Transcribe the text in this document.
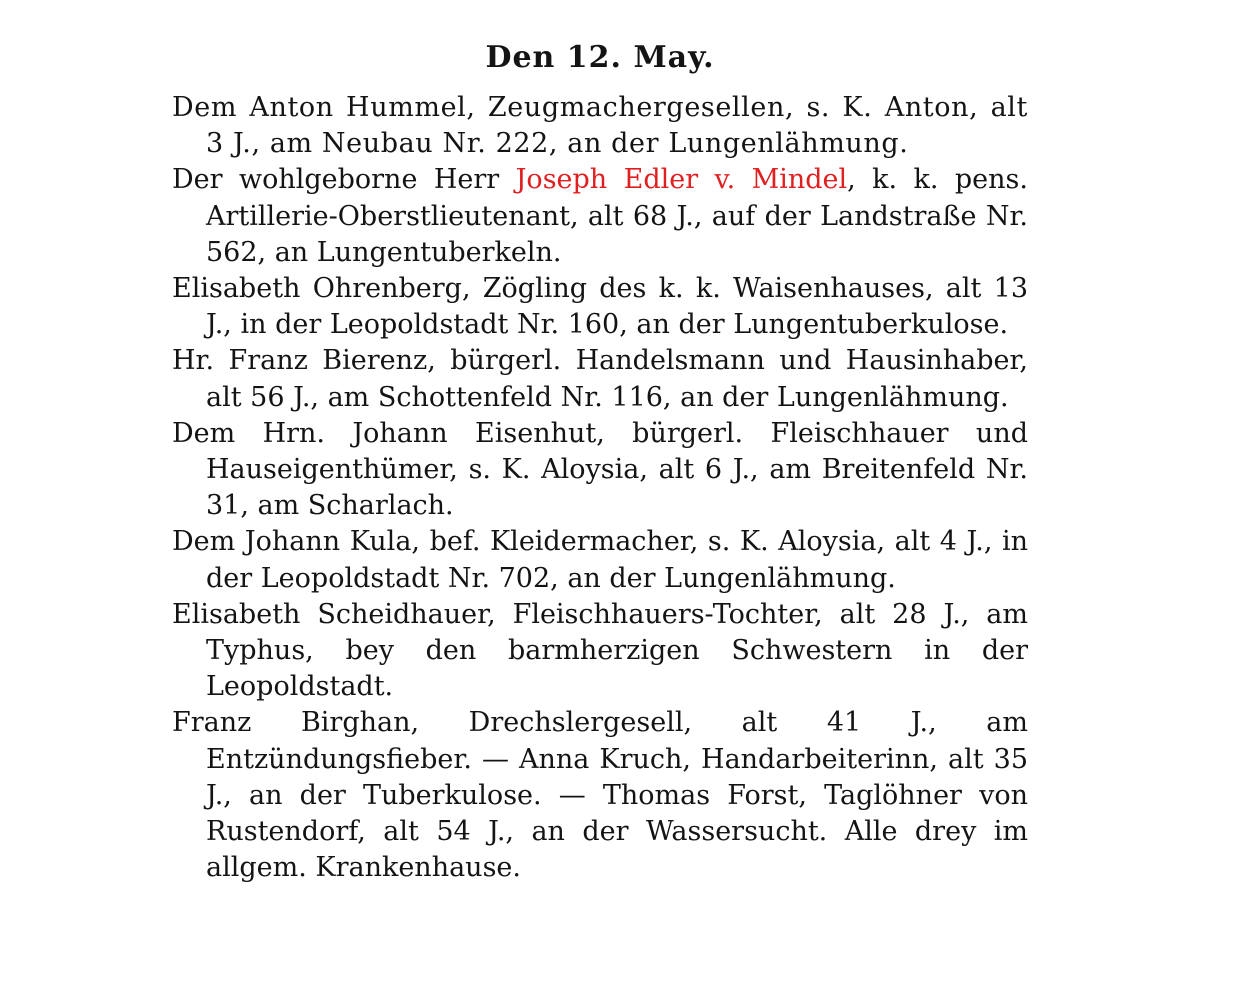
Den 12. May.

Dem Anton Hummel, Zeugmachergesellen, s. K. Anton, alt 3 J., am Neubau Nr. 222, an der Lungenlähmung.

Der wohlgeborne Herr Joseph Edler v. Mindel, k. k. pens. Artillerie-Oberstlieutenant, alt 68 J., auf der Landstraße Nr. 562, an Lungentuberkeln.

Elisabeth Ohrenberg, Zögling des k. k. Waisenhauses, alt 13 J., in der Leopoldstadt Nr. 160, an der Lungentuberkulose.

Hr. Franz Bierenz, bürgerl. Handelsmann und Hausinhaber, alt 56 J., am Schottenfeld Nr. 116, an der Lungenlähmung.

Dem Hrn. Johann Eisenhut, bürgerl. Fleischhauer und Hauseigenthümer, s. K. Aloysia, alt 6 J., am Breitenfeld Nr. 31, am Scharlach.

Dem Johann Kula, bef. Kleidermacher, s. K. Aloysia, alt 4 J., in der Leopoldstadt Nr. 702, an der Lungenlähmung.

Elisabeth Scheidhauer, Fleischhauers-Tochter, alt 28 J., am Typhus, bey den barmherzigen Schwestern in der Leopoldstadt.

Franz Birghan, Drechslergesell, alt 41 J., am Entzündungsfieber. — Anna Kruch, Handarbeiterinn, alt 35 J., an der Tuberkulose. — Thomas Forst, Taglöhner von Rustendorf, alt 54 J., an der Wassersucht. Alle drey im allgem. Krankenhause.
